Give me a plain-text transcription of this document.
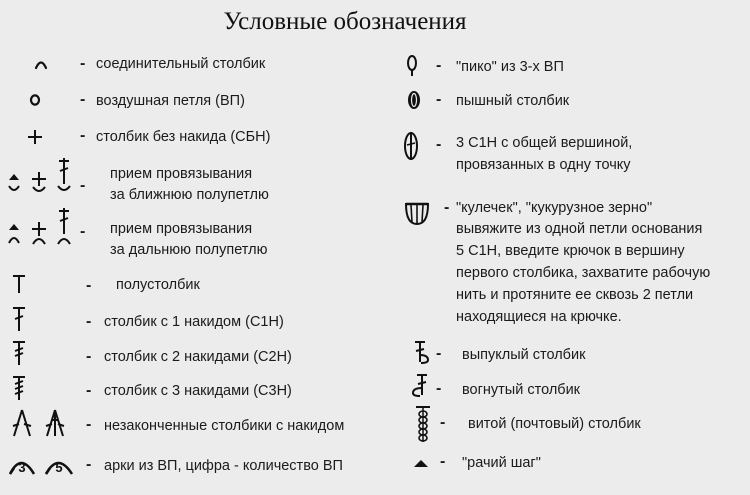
Условные обозначения
- соединительный столбик
- воздушная петля (ВП)
- столбик без накида (СБН)
-
прием провязывания
за ближнюю полупетлю
- прием провязывания
за дальнюю полупетлю
- полустолбик
- столбик с 1 накидом (С1Н)
- столбик с 2 накидами (С2Н)
- столбик с 3 накидами (С3Н)
- незаконченные столбики с накидом
3 5 - арки из ВП, цифра - количество ВП
- "пико" из 3-х ВП
- пышный столбик
- 3 С1Н с общей вершиной,
провязанных в одну точку
- "кулечек", "кукурузное зерно"
вывяжите из одной петли основания
5 С1Н, введите крючок в вершину
первого столбика, захватите рабочую
нить и протяните ее сквозь 2 петли
находящиеся на крючке.
- выпуклый столбик
- вогнутый столбик
- витой (почтовый) столбик
- "рачий шаг"
